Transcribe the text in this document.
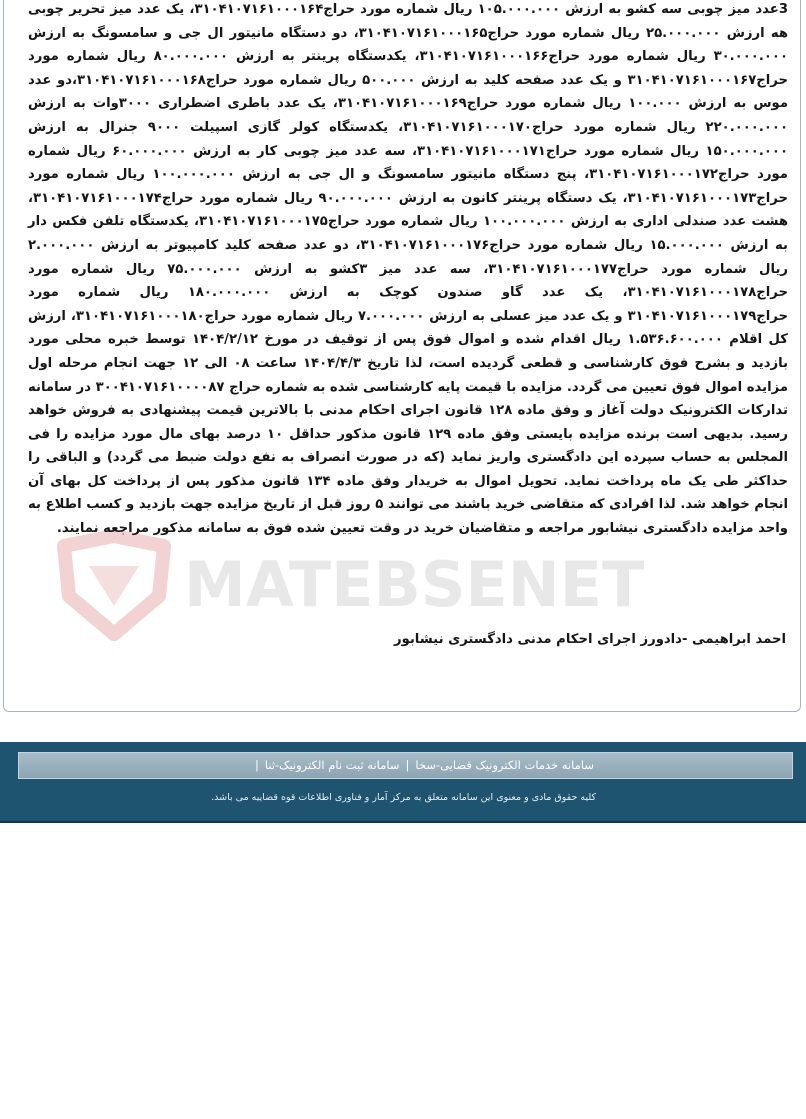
MATEBSENET

3عدد میز چوبی سه کشو به ارزش ۱۰۵.۰۰۰.۰۰۰ ریال شماره مورد حراج۳۱۰۴۱۰۷۱۶۱۰۰۰۱۶۴، یک عدد میز تحریر چوبی هه ارزش ۲۵.۰۰۰.۰۰۰ ریال شماره مورد حراج۳۱۰۴۱۰۷۱۶۱۰۰۰۱۶۵، دو دستگاه مانیتور ال جی و سامسونگ به ارزش ۳۰.۰۰۰.۰۰۰ ریال شماره مورد حراج۳۱۰۴۱۰۷۱۶۱۰۰۰۱۶۶، یکدستگاه پرینتر به ارزش ۸۰.۰۰۰.۰۰۰ ریال شماره مورد حراج۳۱۰۴۱۰۷۱۶۱۰۰۰۱۶۷ و یک عدد صفحه کلید به ارزش ۵۰۰.۰۰۰ ریال شماره مورد حراج۳۱۰۴۱۰۷۱۶۱۰۰۰۱۶۸،دو عدد موس به ارزش ۱۰۰.۰۰۰ ریال شماره مورد حراج۳۱۰۴۱۰۷۱۶۱۰۰۰۱۶۹، یک عدد باطری اضطراری ۳۰۰۰وات به ارزش ۲۲۰.۰۰۰.۰۰۰ ریال شماره مورد حراج۳۱۰۴۱۰۷۱۶۱۰۰۰۱۷۰، یکدستگاه کولر گازی اسپیلت ۹۰۰۰ جنرال به ارزش ۱۵۰.۰۰۰.۰۰۰ ریال شماره مورد حراج۳۱۰۴۱۰۷۱۶۱۰۰۰۱۷۱، سه عدد میز چوبی کار به ارزش ۶۰.۰۰۰.۰۰۰ ریال شماره مورد حراج۳۱۰۴۱۰۷۱۶۱۰۰۰۱۷۲، پنج دستگاه مانیتور سامسونگ و ال جی به ارزش ۱۰۰.۰۰۰.۰۰۰ ریال شماره مورد حراج۳۱۰۴۱۰۷۱۶۱۰۰۰۱۷۳، یک دستگاه پرینتر کانون به ارزش ۹۰.۰۰۰.۰۰۰ ریال شماره مورد حراج۳۱۰۴۱۰۷۱۶۱۰۰۰۱۷۴، هشت عدد صندلی اداری به ارزش ۱۰۰.۰۰۰.۰۰۰ ریال شماره مورد حراج۳۱۰۴۱۰۷۱۶۱۰۰۰۱۷۵، یکدستگاه تلفن فکس دار به ارزش ۱۵.۰۰۰.۰۰۰ ریال شماره مورد حراج۳۱۰۴۱۰۷۱۶۱۰۰۰۱۷۶، دو عدد صفحه کلید کامپیوتر به ارزش ۲.۰۰۰.۰۰۰ ریال شماره مورد حراج۳۱۰۴۱۰۷۱۶۱۰۰۰۱۷۷، سه عدد میز ۳کشو به ارزش ۷۵.۰۰۰.۰۰۰ ریال شماره مورد حراج۳۱۰۴۱۰۷۱۶۱۰۰۰۱۷۸، یک عدد گاو صندون کوچک به ارزش ۱۸۰.۰۰۰.۰۰۰ ریال شماره مورد حراج۳۱۰۴۱۰۷۱۶۱۰۰۰۱۷۹ و یک عدد میز عسلی به ارزش ۷.۰۰۰.۰۰۰ ریال شماره مورد حراج۳۱۰۴۱۰۷۱۶۱۰۰۰۱۸۰، ارزش کل اقلام ۱.۵۳۶.۶۰۰.۰۰۰ ریال اقدام شده و اموال فوق پس از توقیف در مورخ ۱۴۰۴/۲/۱۲ توسط خبره محلی مورد بازدید و بشرح فوق کارشناسی و قطعی گردیده است، لذا تاریخ ۱۴۰۴/۴/۳ ساعت ۰۸ الی ۱۲ جهت انجام مرحله اول مزایده اموال فوق تعیین می گردد. مزایده با قیمت پایه کارشناسی شده به شماره حراج ۳۰۰۴۱۰۷۱۶۱۰۰۰۰۸۷ در سامانه تدارکات الکترونیک دولت آغاز و وفق ماده ۱۲۸ قانون اجرای احکام مدنی با بالاترین قیمت پیشنهادی به فروش خواهد رسید. بدیهی است برنده مزایده بایستی وفق ماده ۱۲۹ قانون مذکور حداقل ۱۰ درصد بهای مال مورد مزایده را فی المجلس به حساب سپرده این دادگستری واریز نماید (که در صورت انصراف به نفع دولت ضبط می گردد) و الباقی را حداکثر طی یک ماه پرداخت نماید. تحویل اموال به خریدار وفق ماده ۱۳۴ قانون مذکور پس از پرداخت کل بهای آن انجام خواهد شد. لذا افرادی که متقاضی خرید باشند می توانند ۵ روز قبل از تاریخ مزایده جهت بازدید و کسب اطلاع به واحد مزایده دادگستری نیشابور مراجعه و متقاضیان خرید در وقت تعیین شده فوق به سامانه مذکور مراجعه نمایند.

احمد ابراهیمی -دادورز اجرای احکام مدنی دادگستری نیشابور
سامانه خدمات الکترونیک قضایی-سخا|سامانه ثبت نام الکترونیک-ثنا|
کلیه حقوق مادی و معنوی این سامانه متعلق به مرکز آمار و فناوری اطلاعات قوه قضاییه می باشد.
